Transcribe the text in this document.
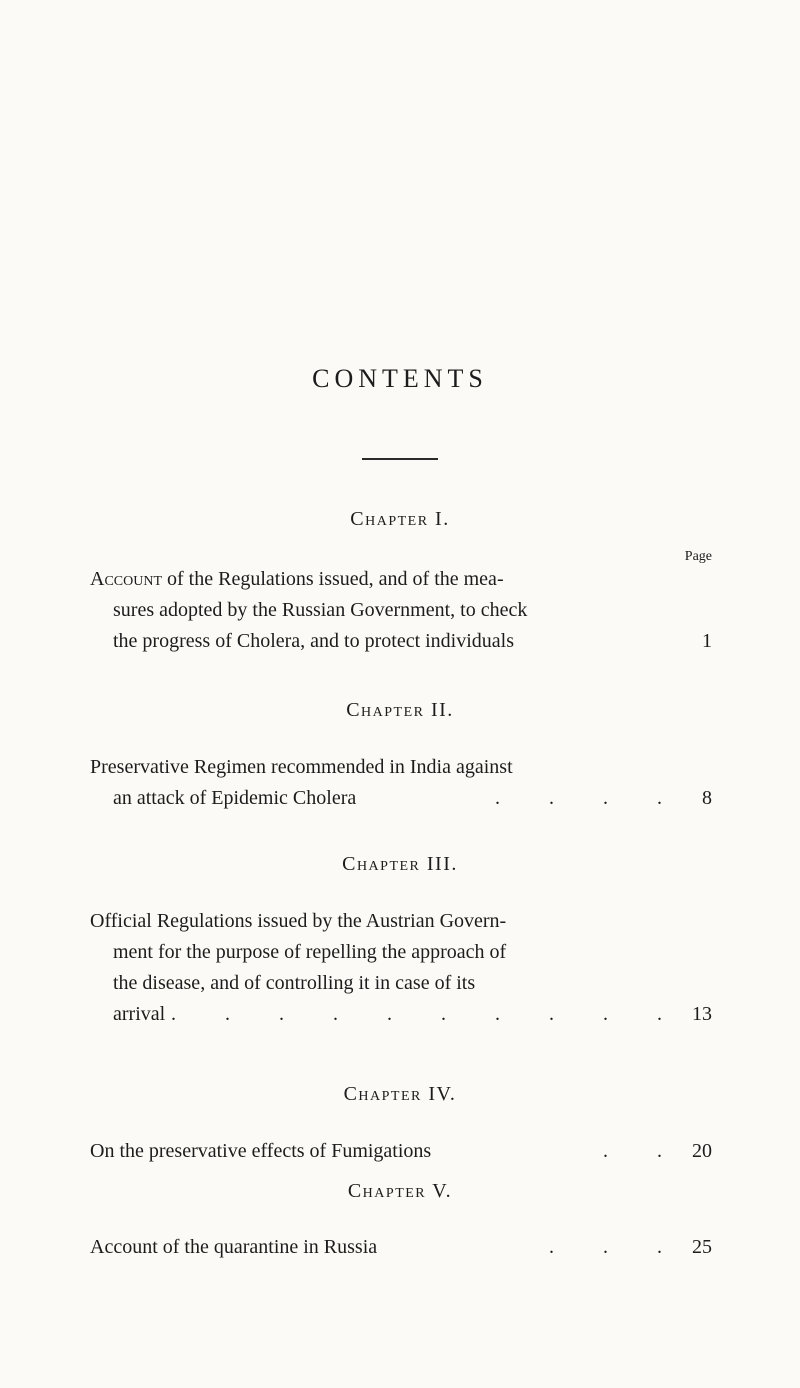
CONTENTS
Chapter I.
Page
Account of the Regulations issued, and of the mea-
sures adopted by the Russian Government, to check
the progress of Cholera, and to protect individuals	1
Chapter II.
Preservative Regimen recommended in India against
an attack of Epidemic Cholera	. . . . 8
Chapter III.
Official Regulations issued by the Austrian Govern-
ment for the purpose of repelling the approach of
the disease, and of controlling it in case of its
arrival . . . . . . . . . . 13
Chapter IV.
On the preservative effects of Fumigations	. . 20
Chapter V.
Account of the quarantine in Russia	. . . 25
